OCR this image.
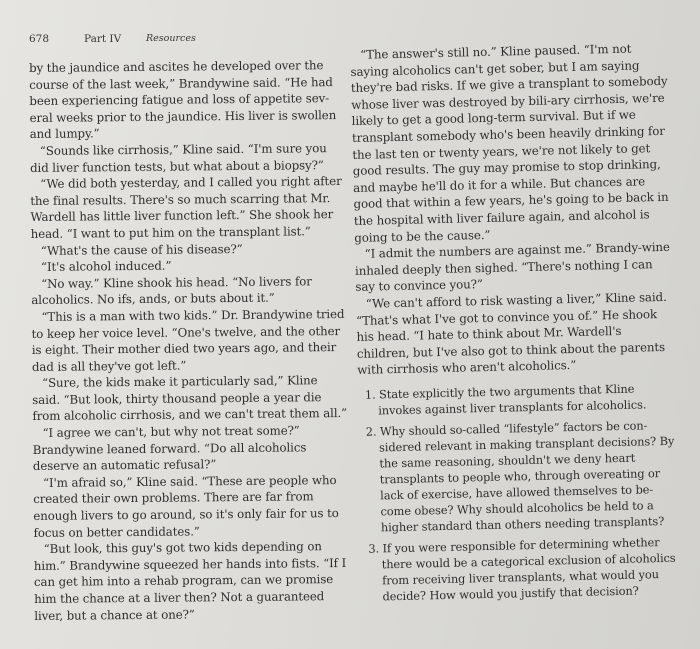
678	Part IV	Resources

by the jaundice and ascites he developed over the course of the last week,” Brandywine said. “He had been experiencing fatigue and loss of appetite sev-eral weeks prior to the jaundice. His liver is swollen and lumpy.”

“Sounds like cirrhosis,” Kline said. “I'm sure you did liver function tests, but what about a biopsy?”

“We did both yesterday, and I called you right after the final results. There's so much scarring that Mr. Wardell has little liver function left.” She shook her head. “I want to put him on the transplant list.”

“What's the cause of his disease?”

“It's alcohol induced.”

“No way.” Kline shook his head. “No livers for alcoholics. No ifs, ands, or buts about it.”

“This is a man with two kids.” Dr. Brandywine tried to keep her voice level. “One's twelve, and the other is eight. Their mother died two years ago, and their dad is all they've got left.”

“Sure, the kids make it particularly sad,” Kline said. “But look, thirty thousand people a year die from alcoholic cirrhosis, and we can't treat them all.”

“I agree we can't, but why not treat some?” Brandywine leaned forward. “Do all alcoholics deserve an automatic refusal?”

“I'm afraid so,” Kline said. “These are people who created their own problems. There are far from enough livers to go around, so it's only fair for us to focus on better candidates.”

“But look, this guy's got two kids depending on him.” Brandywine squeezed her hands into fists. “If I can get him into a rehab program, can we promise him the chance at a liver then? Not a guaranteed liver, but a chance at one?”

“The answer's still no.” Kline paused. “I'm not saying alcoholics can't get sober, but I am saying they're bad risks. If we give a transplant to somebody whose liver was destroyed by bili-ary cirrhosis, we're likely to get a good long-term survival. But if we transplant somebody who's been heavily drinking for the last ten or twenty years, we're not likely to get good results. The guy may promise to stop drinking, and maybe he'll do it for a while. But chances are good that within a few years, he's going to be back in the hospital with liver failure again, and alcohol is going to be the cause.”

“I admit the numbers are against me.” Brandy-wine inhaled deeply then sighed. “There's nothing I can say to convince you?”

“We can't afford to risk wasting a liver,” Kline said. “That's what I've got to convince you of.” He shook his head. “I hate to think about Mr. Wardell's children, but I've also got to think about the parents with cirrhosis who aren't alcoholics.”

1. State explicitly the two arguments that Kline invokes against liver transplants for alcoholics.

2. Why should so-called “lifestyle” factors be con-sidered relevant in making transplant decisions? By the same reasoning, shouldn't we deny heart transplants to people who, through overeating or lack of exercise, have allowed themselves to be-come obese? Why should alcoholics be held to a higher standard than others needing transplants?

3. If you were responsible for determining whether there would be a categorical exclusion of alcoholics from receiving liver transplants, what would you decide? How would you justify that decision?
